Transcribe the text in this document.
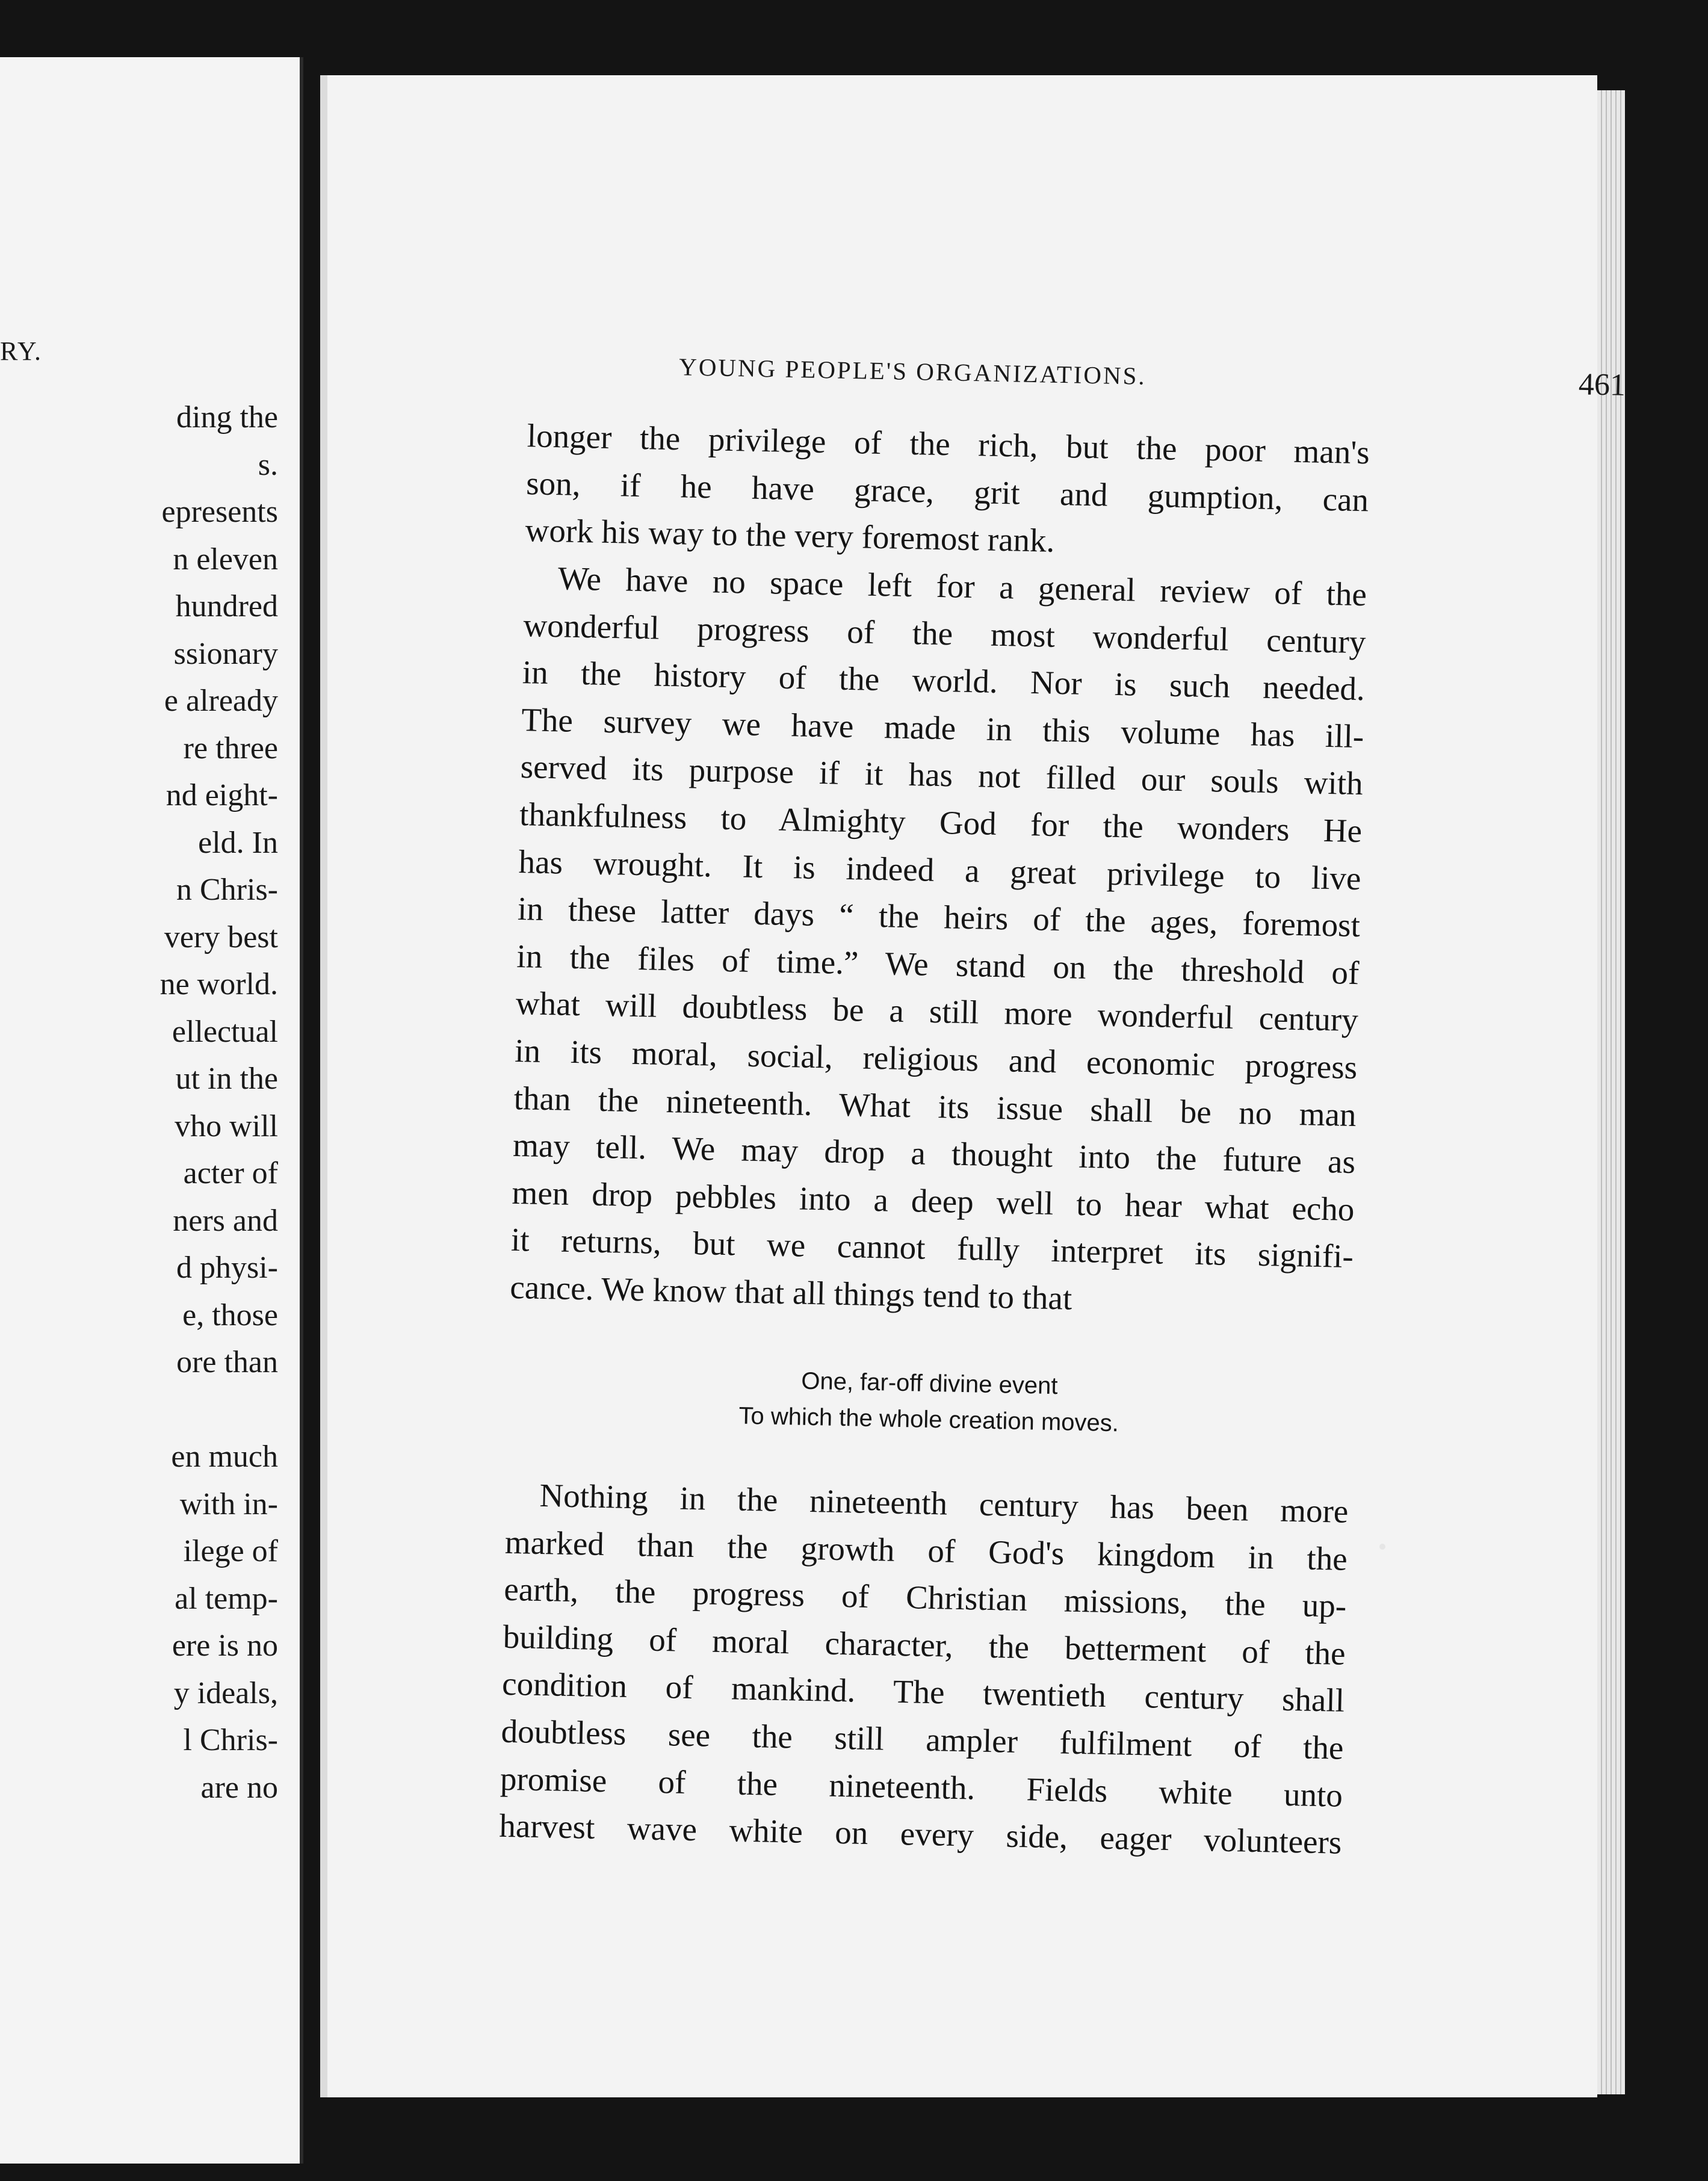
RY.
ding the
s.
epresents
n eleven
hundred
ssionary
e already
re three
nd eight-
eld. In
n Chris-
very best
ne world.
ellectual
ut in the
vho will
acter of
ners and
d physi-
e, those
ore than
en much
with in-
ilege of
al temp-
ere is no
y ideals,
l Chris-
are no
YOUNG PEOPLE'S ORGANIZATIONS.	461
longer the privilege of the rich, but the poor man's
son, if he have grace, grit and gumption, can
work his way to the very foremost rank.
We have no space left for a general review of the
wonderful progress of the most wonderful century
in the history of the world. Nor is such needed.
The survey we have made in this volume has ill-
served its purpose if it has not filled our souls with
thankfulness to Almighty God for the wonders He
has wrought. It is indeed a great privilege to live
in these latter days “ the heirs of the ages, foremost
in the files of time.” We stand on the threshold of
what will doubtless be a still more wonderful century
in its moral, social, religious and economic progress
than the nineteenth. What its issue shall be no man
may tell. We may drop a thought into the future as
men drop pebbles into a deep well to hear what echo
it returns, but we cannot fully interpret its signifi-
cance. We know that all things tend to that
One, far-off divine event
To which the whole creation moves.
Nothing in the nineteenth century has been more
marked than the growth of God's kingdom in the
earth, the progress of Christian missions, the up-
building of moral character, the betterment of the
condition of mankind. The twentieth century shall
doubtless see the still ampler fulfilment of the
promise of the nineteenth. Fields white unto
harvest wave white on every side, eager volunteers
